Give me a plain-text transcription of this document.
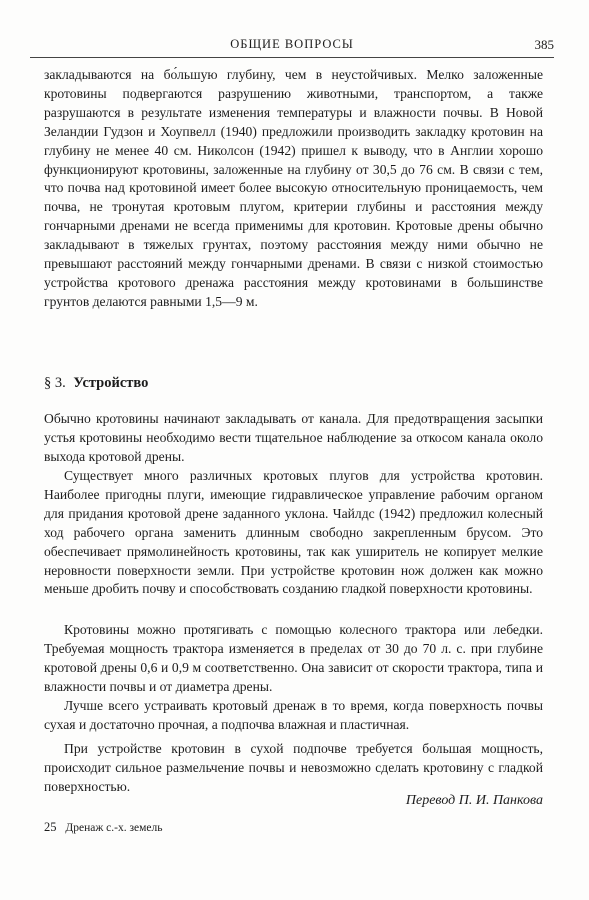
ОБЩИЕ ВОПРОСЫ	385

закладываются на бо́льшую глубину, чем в неустойчивых. Мелко заложенные кротовины подвергаются разрушению животными, транспортом, а также разрушаются в результате изменения температуры и влажности почвы. В Новой Зеландии Гудзон и Хоупвелл (1940) предложили производить закладку кротовин на глубину не менее 40 см. Николсон (1942) пришел к выводу, что в Англии хорошо функционируют кротовины, заложенные на глубину от 30,5 до 76 см. В связи с тем, что почва над кротовиной имеет более высокую относительную проницаемость, чем почва, не тронутая кротовым плугом, критерии глубины и расстояния между гончарными дренами не всегда применимы для кротовин. Кротовые дрены обычно закладывают в тяжелых грунтах, поэтому расстояния между ними обычно не превышают расстояний между гончарными дренами. В связи с низкой стоимостью устройства кротового дренажа расстояния между кротовинами в большинстве грунтов делаются равными 1,5—9 м.

§ 3. Устройство

Обычно кротовины начинают закладывать от канала. Для предотвращения засыпки устья кротовины необходимо вести тщательное наблюдение за откосом канала около выхода кротовой дрены.

Существует много различных кротовых плугов для устройства кротовин. Наиболее пригодны плуги, имеющие гидравлическое управление рабочим органом для придания кротовой дрене заданного уклона. Чайлдс (1942) предложил колесный ход рабочего органа заменить длинным свободно закрепленным брусом. Это обеспечивает прямолинейность кротовины, так как уширитель не копирует мелкие неровности поверхности земли. При устройстве кротовин нож должен как можно меньше дробить почву и способствовать созданию гладкой поверхности кротовины.

Кротовины можно протягивать с помощью колесного трактора или лебедки. Требуемая мощность трактора изменяется в пределах от 30 до 70 л. с. при глубине кротовой дрены 0,6 и 0,9 м соответственно. Она зависит от скорости трактора, типа и влажности почвы и от диаметра дрены.

Лучше всего устраивать кротовый дренаж в то время, когда поверхность почвы сухая и достаточно прочная, а подпочва влажная и пластичная.

При устройстве кротовин в сухой подпочве требуется большая мощность, происходит сильное размельчение почвы и невозможно сделать кротовину с гладкой поверхностью.

Перевод П. И. Панкова
25 Дренаж с.-х. земель
